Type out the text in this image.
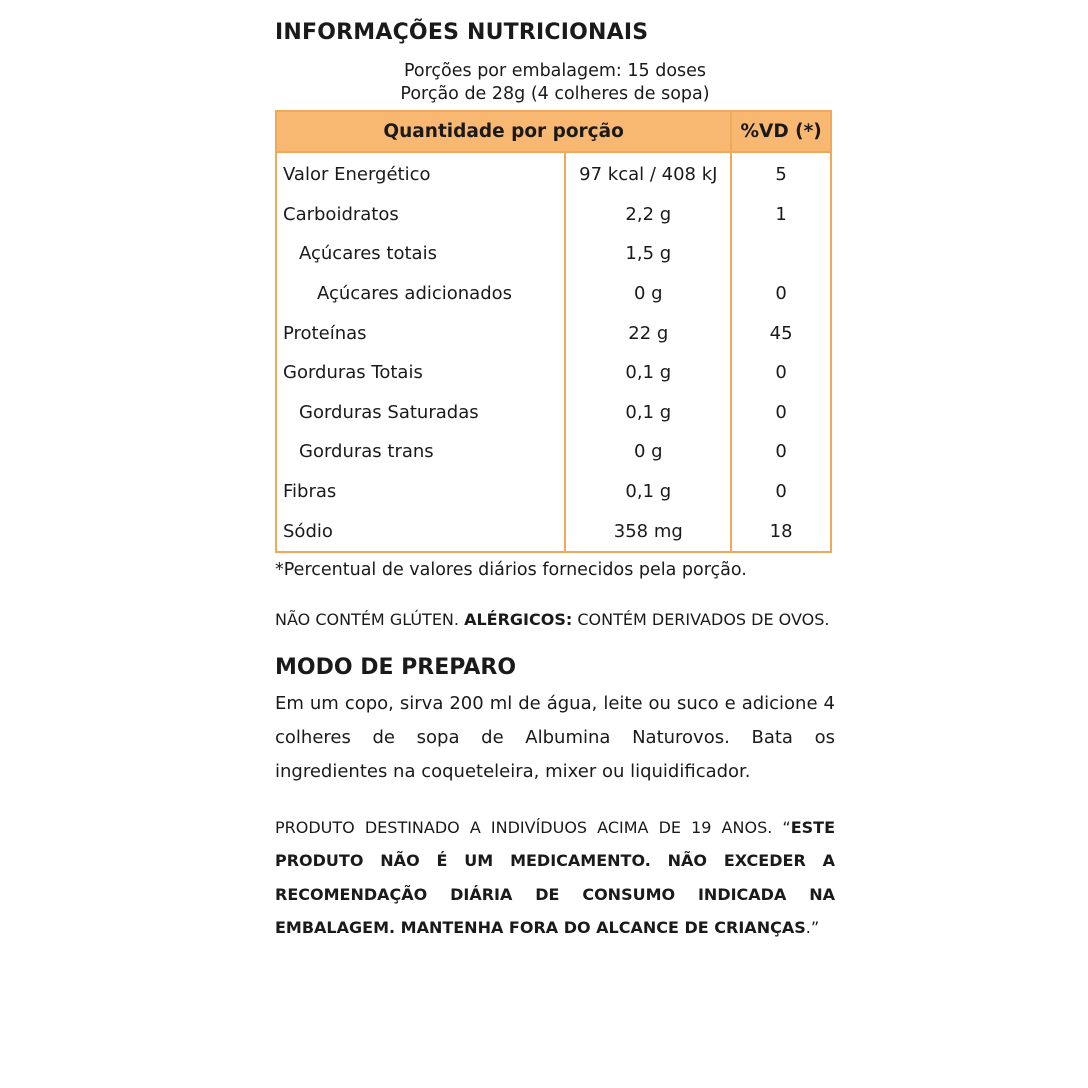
INFORMAÇÕES NUTRICIONAIS
Porções por embalagem: 15 doses
Porção de 28g (4 colheres de sopa)
Quantidade por porção		%VD (*)
Valor Energético	97 kcal / 408 kJ	5
Carboidratos	2,2 g	1
Açúcares totais	1,5 g	
Açúcares adicionados	0 g	0
Proteínas	22 g	45
Gorduras Totais	0,1 g	0
Gorduras Saturadas	0,1 g	0
Gorduras trans	0 g	0
Fibras	0,1 g	0
Sódio	358 mg	18
*Percentual de valores diários fornecidos pela porção.
NÃO CONTÉM GLÚTEN. ALÉRGICOS: CONTÉM DERIVADOS DE OVOS.
MODO DE PREPARO
Em um copo, sirva 200 ml de água, leite ou suco e adicione 4 colheres de sopa de Albumina Naturovos. Bata os ingredientes na coqueteleira, mixer ou liquidificador.
PRODUTO DESTINADO A INDIVÍDUOS ACIMA DE 19 ANOS. “ESTE PRODUTO NÃO É UM MEDICAMENTO. NÃO EXCEDER A RECOMENDAÇÃO DIÁRIA DE CONSUMO INDICADA NA EMBALAGEM. MANTENHA FORA DO ALCANCE DE CRIANÇAS.”
